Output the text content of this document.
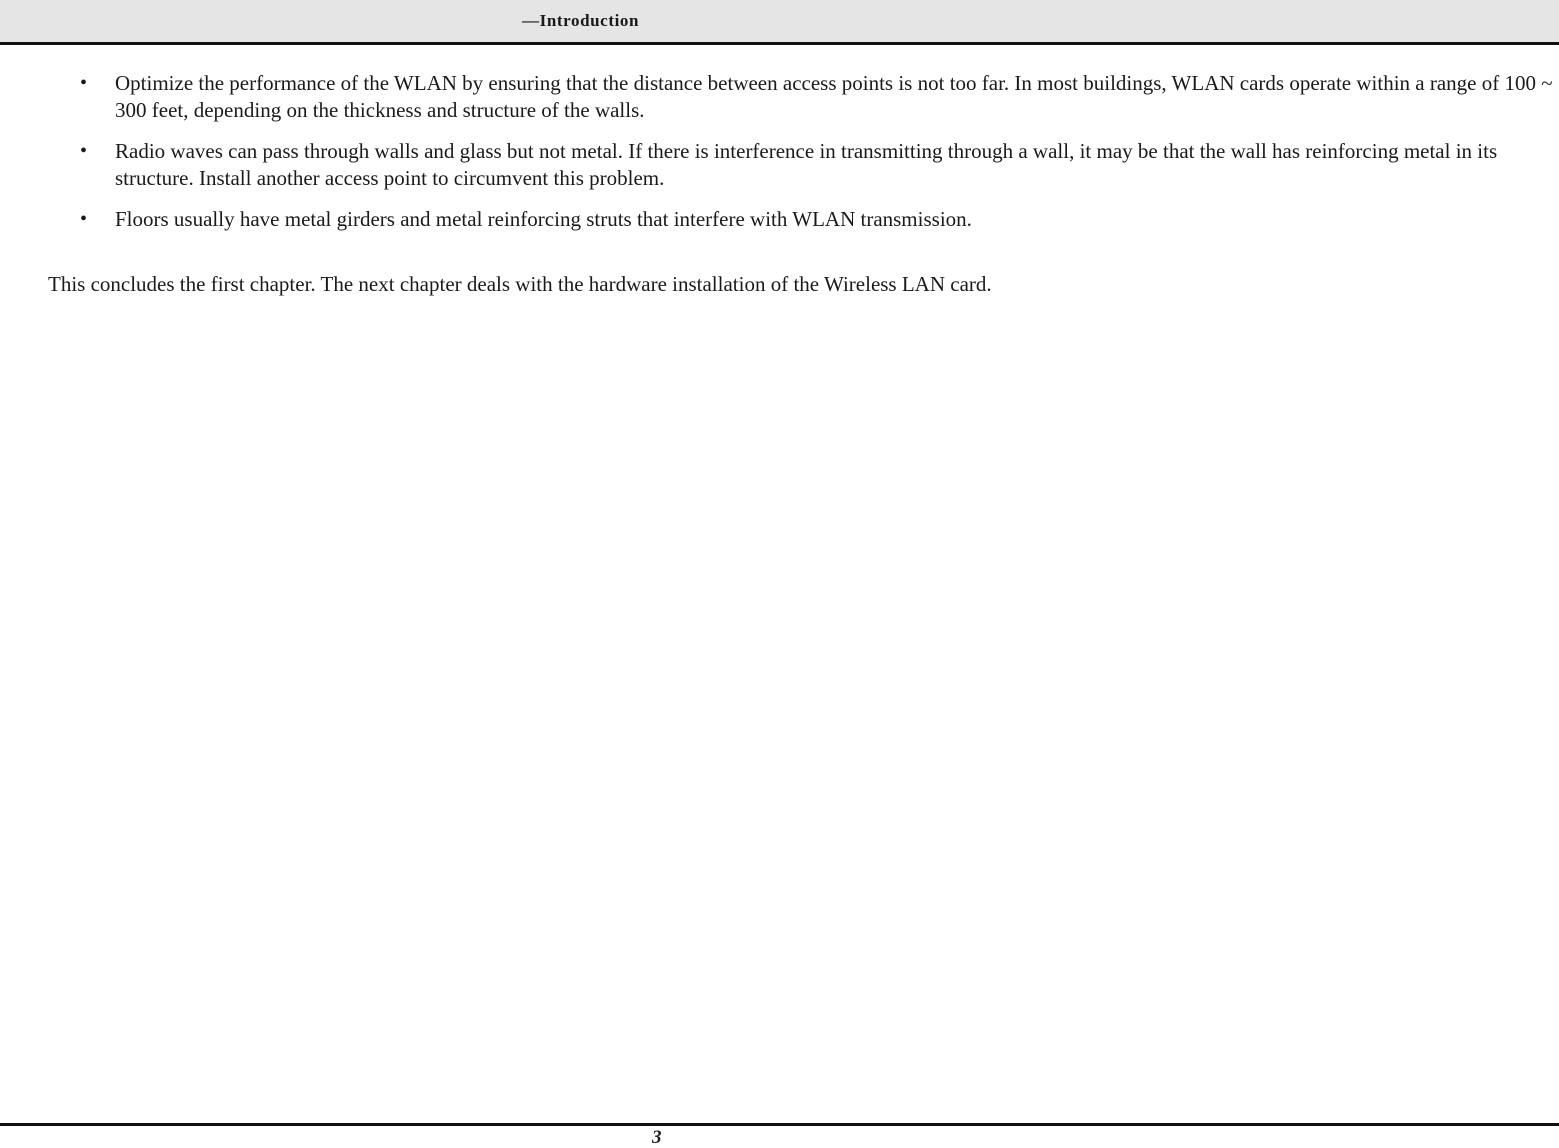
—Introduction
•	Optimize the performance of the WLAN by ensuring that the distance between access points is not too far. In most buildings, WLAN cards operate within a range of 100 ~ 300 feet, depending on the thickness and structure of the walls.
•	Radio waves can pass through walls and glass but not metal. If there is interference in transmitting through a wall, it may be that the wall has reinforcing metal in its structure. Install another access point to circumvent this problem.
•	Floors usually have metal girders and metal reinforcing struts that interfere with WLAN transmission.

This concludes the first chapter. The next chapter deals with the hardware installation of the Wireless LAN card.

3
